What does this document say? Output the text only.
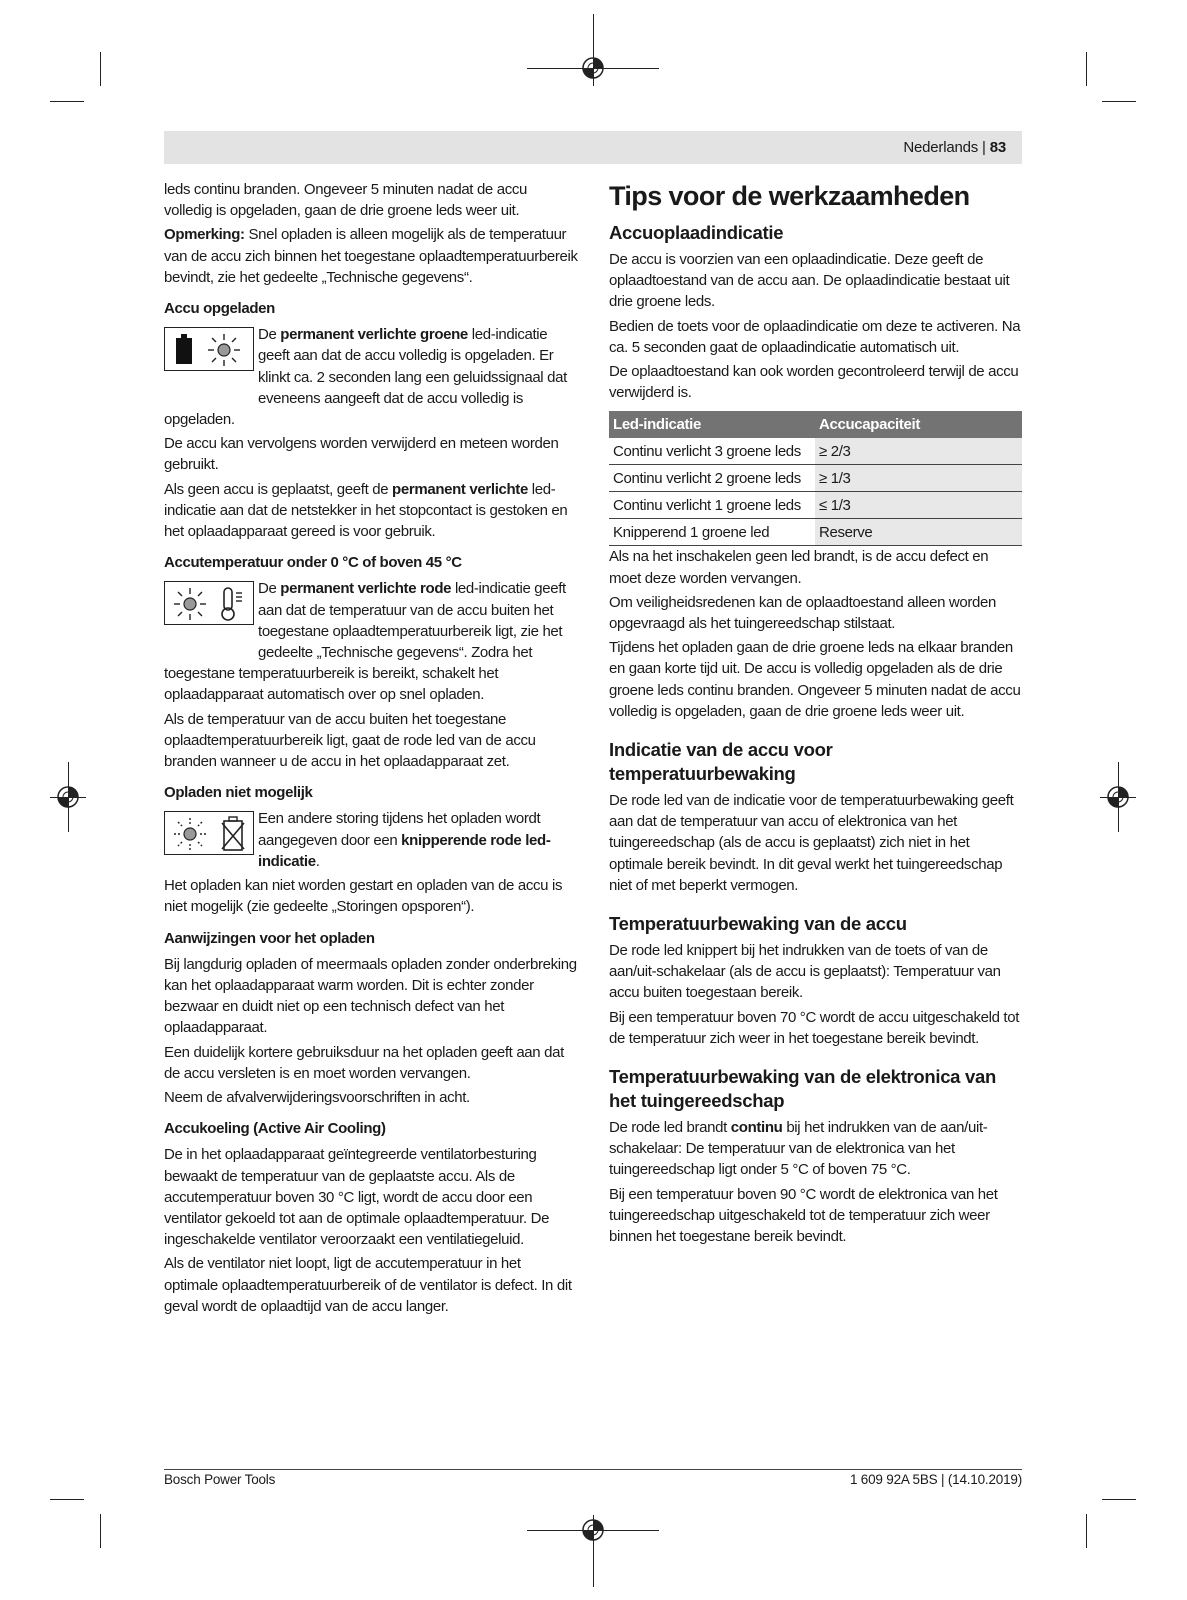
Nederlands | 83

leds continu branden. Ongeveer 5 minuten nadat de accu volledig is opgeladen, gaan de drie groene leds weer uit.

Opmerking: Snel opladen is alleen mogelijk als de temperatuur van de accu zich binnen het toegestane oplaadtemperatuurbereik bevindt, zie het gedeelte „Technische gegevens“.

Accu opgeladen

De permanent verlichte groene led-indicatie geeft aan dat de accu volledig is opgeladen. Er klinkt ca. 2 seconden lang een geluidssignaal dat eveneens aangeeft dat de accu volledig is opgeladen.

De accu kan vervolgens worden verwijderd en meteen worden gebruikt.

Als geen accu is geplaatst, geeft de permanent verlichte led-indicatie aan dat de netstekker in het stopcontact is gestoken en het oplaadapparaat gereed is voor gebruik.

Accutemperatuur onder 0 °C of boven 45 °C

De permanent verlichte rode led-indicatie geeft aan dat de temperatuur van de accu buiten het toegestane oplaadtemperatuurbereik ligt, zie het gedeelte „Technische gegevens“. Zodra het toegestane temperatuurbereik is bereikt, schakelt het oplaadapparaat automatisch over op snel opladen.

Als de temperatuur van de accu buiten het toegestane oplaadtemperatuurbereik ligt, gaat de rode led van de accu branden wanneer u de accu in het oplaadapparaat zet.

Opladen niet mogelijk

Een andere storing tijdens het opladen wordt aangegeven door een knipperende rode led-indicatie.

Het opladen kan niet worden gestart en opladen van de accu is niet mogelijk (zie gedeelte „Storingen opsporen“).

Aanwijzingen voor het opladen

Bij langdurig opladen of meermaals opladen zonder onderbreking kan het oplaadapparaat warm worden. Dit is echter zonder bezwaar en duidt niet op een technisch defect van het oplaadapparaat.

Een duidelijk kortere gebruiksduur na het opladen geeft aan dat de accu versleten is en moet worden vervangen.

Neem de afvalverwijderingsvoorschriften in acht.

Accukoeling (Active Air Cooling)

De in het oplaadapparaat geïntegreerde ventilatorbesturing bewaakt de temperatuur van de geplaatste accu. Als de accutemperatuur boven 30 °C ligt, wordt de accu door een ventilator gekoeld tot aan de optimale oplaadtemperatuur. De ingeschakelde ventilator veroorzaakt een ventilatiegeluid.

Als de ventilator niet loopt, ligt de accutemperatuur in het optimale oplaadtemperatuurbereik of de ventilator is defect. In dit geval wordt de oplaadtijd van de accu langer.

Tips voor de werkzaamheden
Accuoplaadindicatie

De accu is voorzien van een oplaadindicatie. Deze geeft de oplaadtoestand van de accu aan. De oplaadindicatie bestaat uit drie groene leds.

Bedien de toets voor de oplaadindicatie om deze te activeren. Na ca. 5 seconden gaat de oplaadindicatie automatisch uit.

De oplaadtoestand kan ook worden gecontroleerd terwijl de accu verwijderd is.

Led-indicatie	Accucapaciteit
Continu verlicht 3 groene leds	≥ 2/3
Continu verlicht 2 groene leds	≥ 1/3
Continu verlicht 1 groene leds	≤ 1/3
Knipperend 1 groene led	Reserve

Als na het inschakelen geen led brandt, is de accu defect en moet deze worden vervangen.

Om veiligheidsredenen kan de oplaadtoestand alleen worden opgevraagd als het tuingereedschap stilstaat.

Tijdens het opladen gaan de drie groene leds na elkaar branden en gaan korte tijd uit. De accu is volledig opgeladen als de drie groene leds continu branden. Ongeveer 5 minuten nadat de accu volledig is opgeladen, gaan de drie groene leds weer uit.

Indicatie van de accu voor temperatuurbewaking

De rode led van de indicatie voor de temperatuurbewaking geeft aan dat de temperatuur van accu of elektronica van het tuingereedschap (als de accu is geplaatst) zich niet in het optimale bereik bevindt. In dit geval werkt het tuingereedschap niet of met beperkt vermogen.

Temperatuurbewaking van de accu

De rode led knippert bij het indrukken van de toets of van de aan/uit-schakelaar (als de accu is geplaatst): Temperatuur van accu buiten toegestaan bereik.

Bij een temperatuur boven 70 °C wordt de accu uitgeschakeld tot de temperatuur zich weer in het toegestane bereik bevindt.

Temperatuurbewaking van de elektronica van het tuingereedschap

De rode led brandt continu bij het indrukken van de aan/uit-schakelaar: De temperatuur van de elektronica van het tuingereedschap ligt onder 5 °C of boven 75 °C.

Bij een temperatuur boven 90 °C wordt de elektronica van het tuingereedschap uitgeschakeld tot de temperatuur zich weer binnen het toegestane bereik bevindt.

Bosch Power Tools	1 609 92A 5BS | (14.10.2019)
